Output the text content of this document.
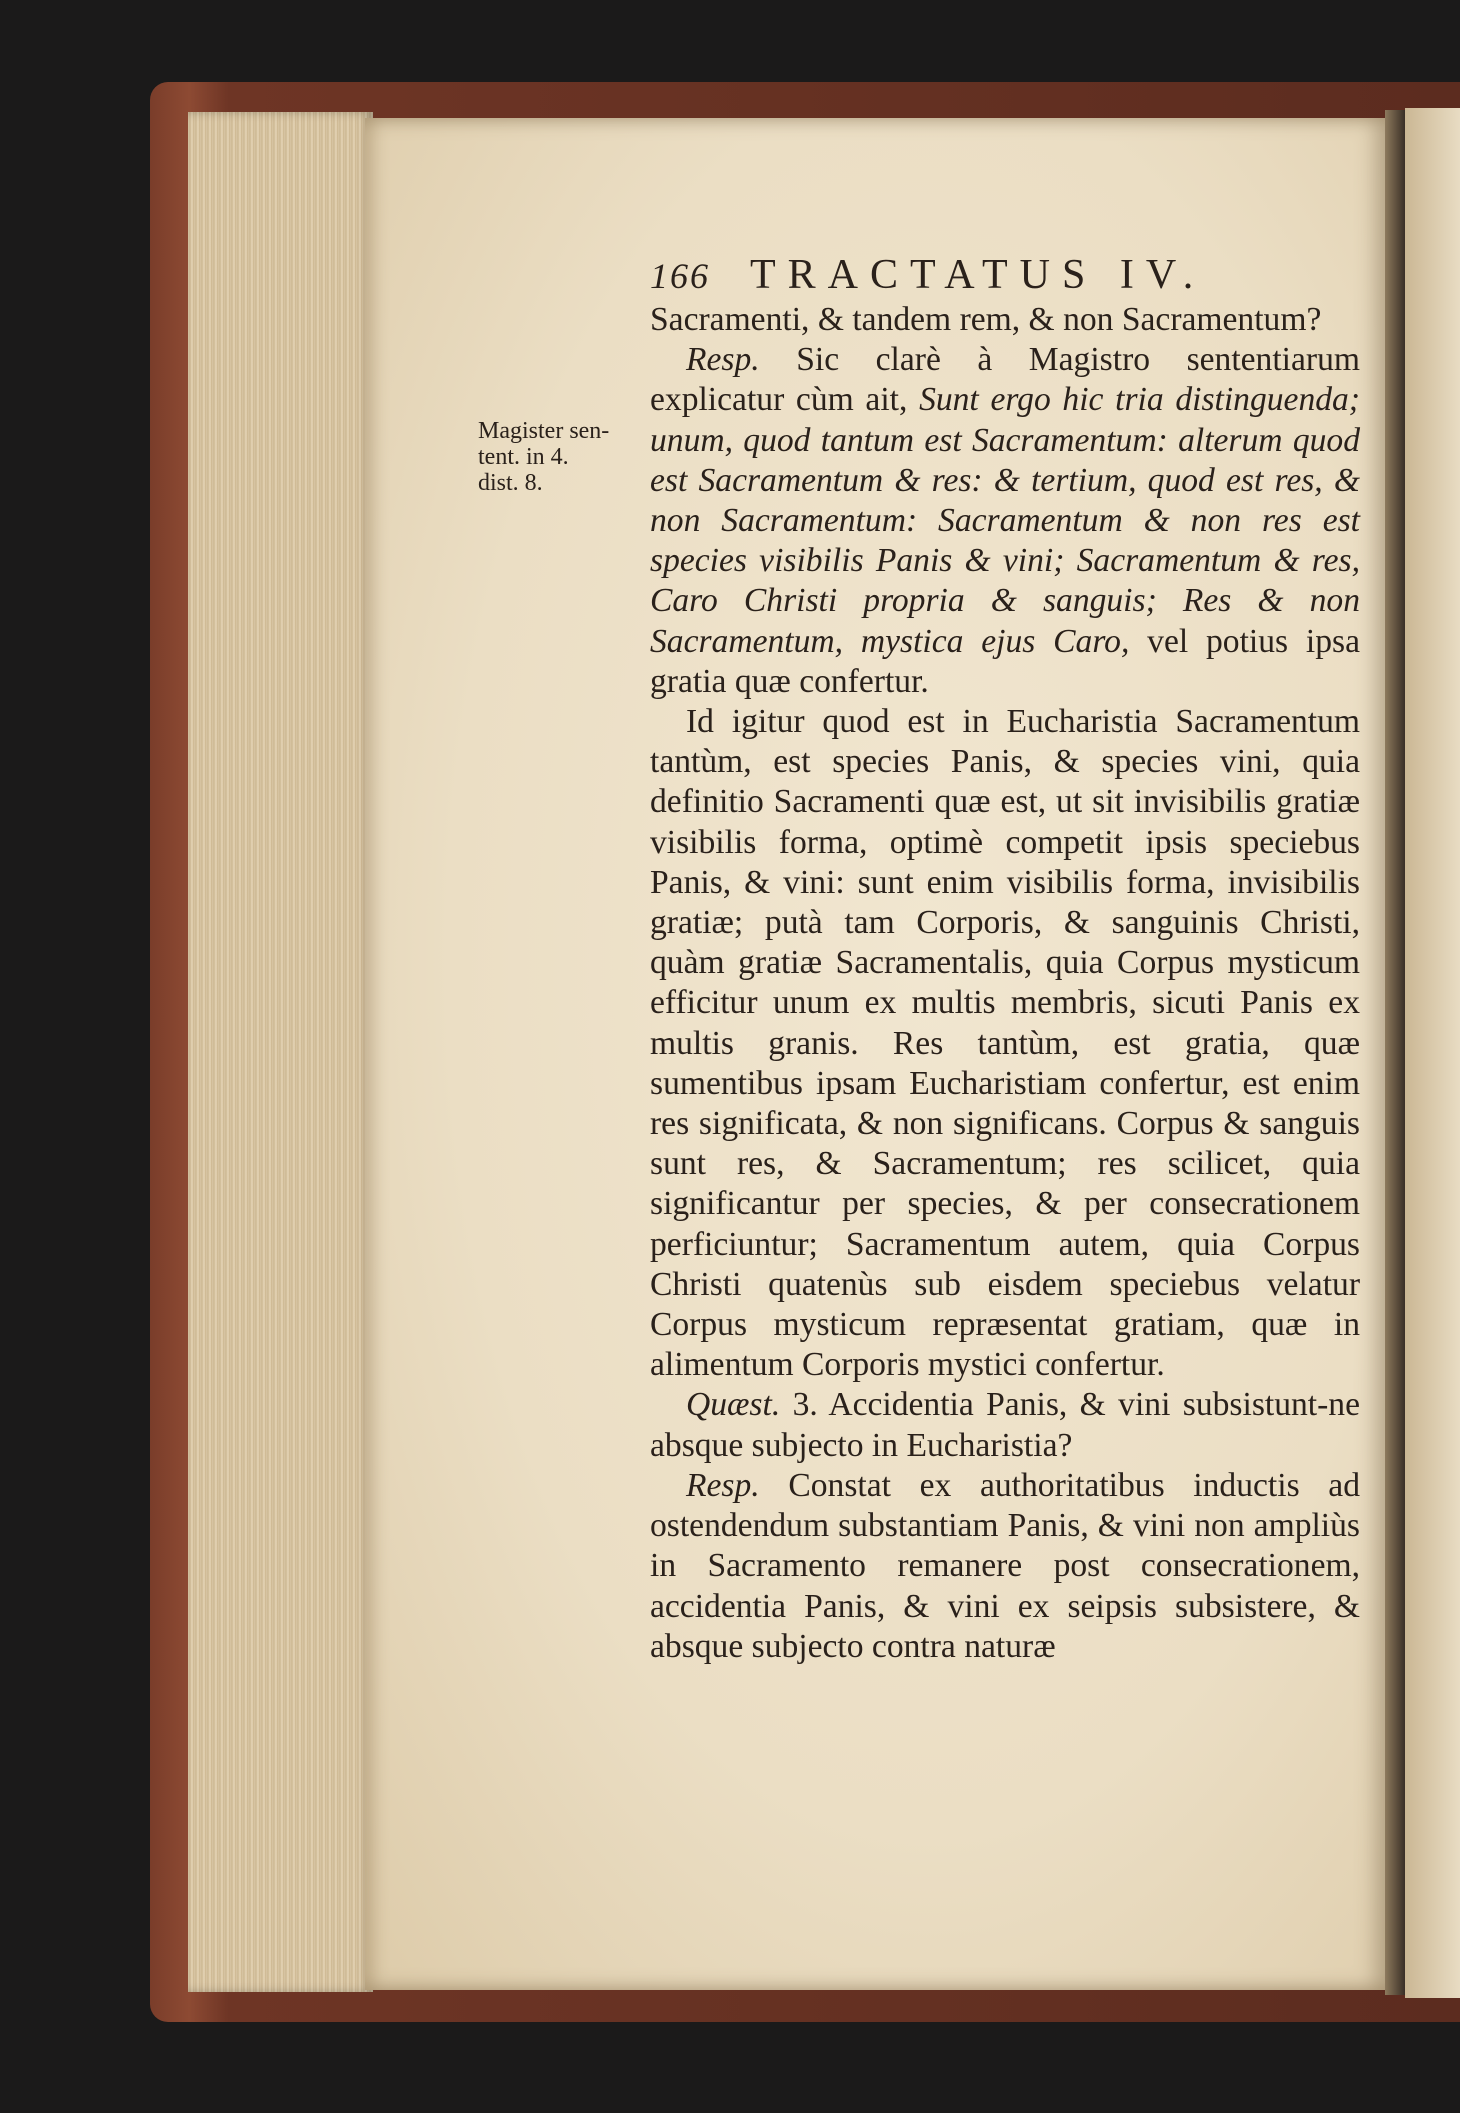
Magister sen-
tent. in 4.
dist. 8.
166 TRACTATUS IV.

Sacramenti, & tandem rem, & non Sacramentum?

Resp. Sic clarè à Magistro sententiarum explicatur cùm ait, Sunt ergo hic tria distinguenda; unum, quod tantum est Sacramentum: alterum quod est Sacramentum & res: & tertium, quod est res, & non Sacramentum: Sacramentum & non res est species visibilis Panis & vini; Sacramentum & res, Caro Christi propria & sanguis; Res & non Sacramentum, mystica ejus Caro, vel potius ipsa gratia quæ confertur.

Id igitur quod est in Eucharistia Sacramentum tantùm, est species Panis, & species vini, quia definitio Sacramenti quæ est, ut sit invisibilis gratiæ visibilis forma, optimè competit ipsis speciebus Panis, & vini: sunt enim visibilis forma, invisibilis gratiæ; putà tam Corporis, & sanguinis Christi, quàm gratiæ Sacramentalis, quia Corpus mysticum efficitur unum ex multis membris, sicuti Panis ex multis granis. Res tantùm, est gratia, quæ sumentibus ipsam Eucharistiam confertur, est enim res significata, & non significans. Corpus & sanguis sunt res, & Sacramentum; res scilicet, quia significantur per species, & per consecrationem perficiuntur; Sacramentum autem, quia Corpus Christi quatenùs sub eisdem speciebus velatur Corpus mysticum repræsentat gratiam, quæ in alimentum Corporis mystici confertur.

Quæst. 3. Accidentia Panis, & vini subsistunt-ne absque subjecto in Eucharistia?

Resp. Constat ex authoritatibus inductis ad ostendendum substantiam Panis, & vini non ampliùs in Sacramento remanere post consecrationem, accidentia Panis, & vini ex seipsis subsistere, & absque subjecto contra naturæ
